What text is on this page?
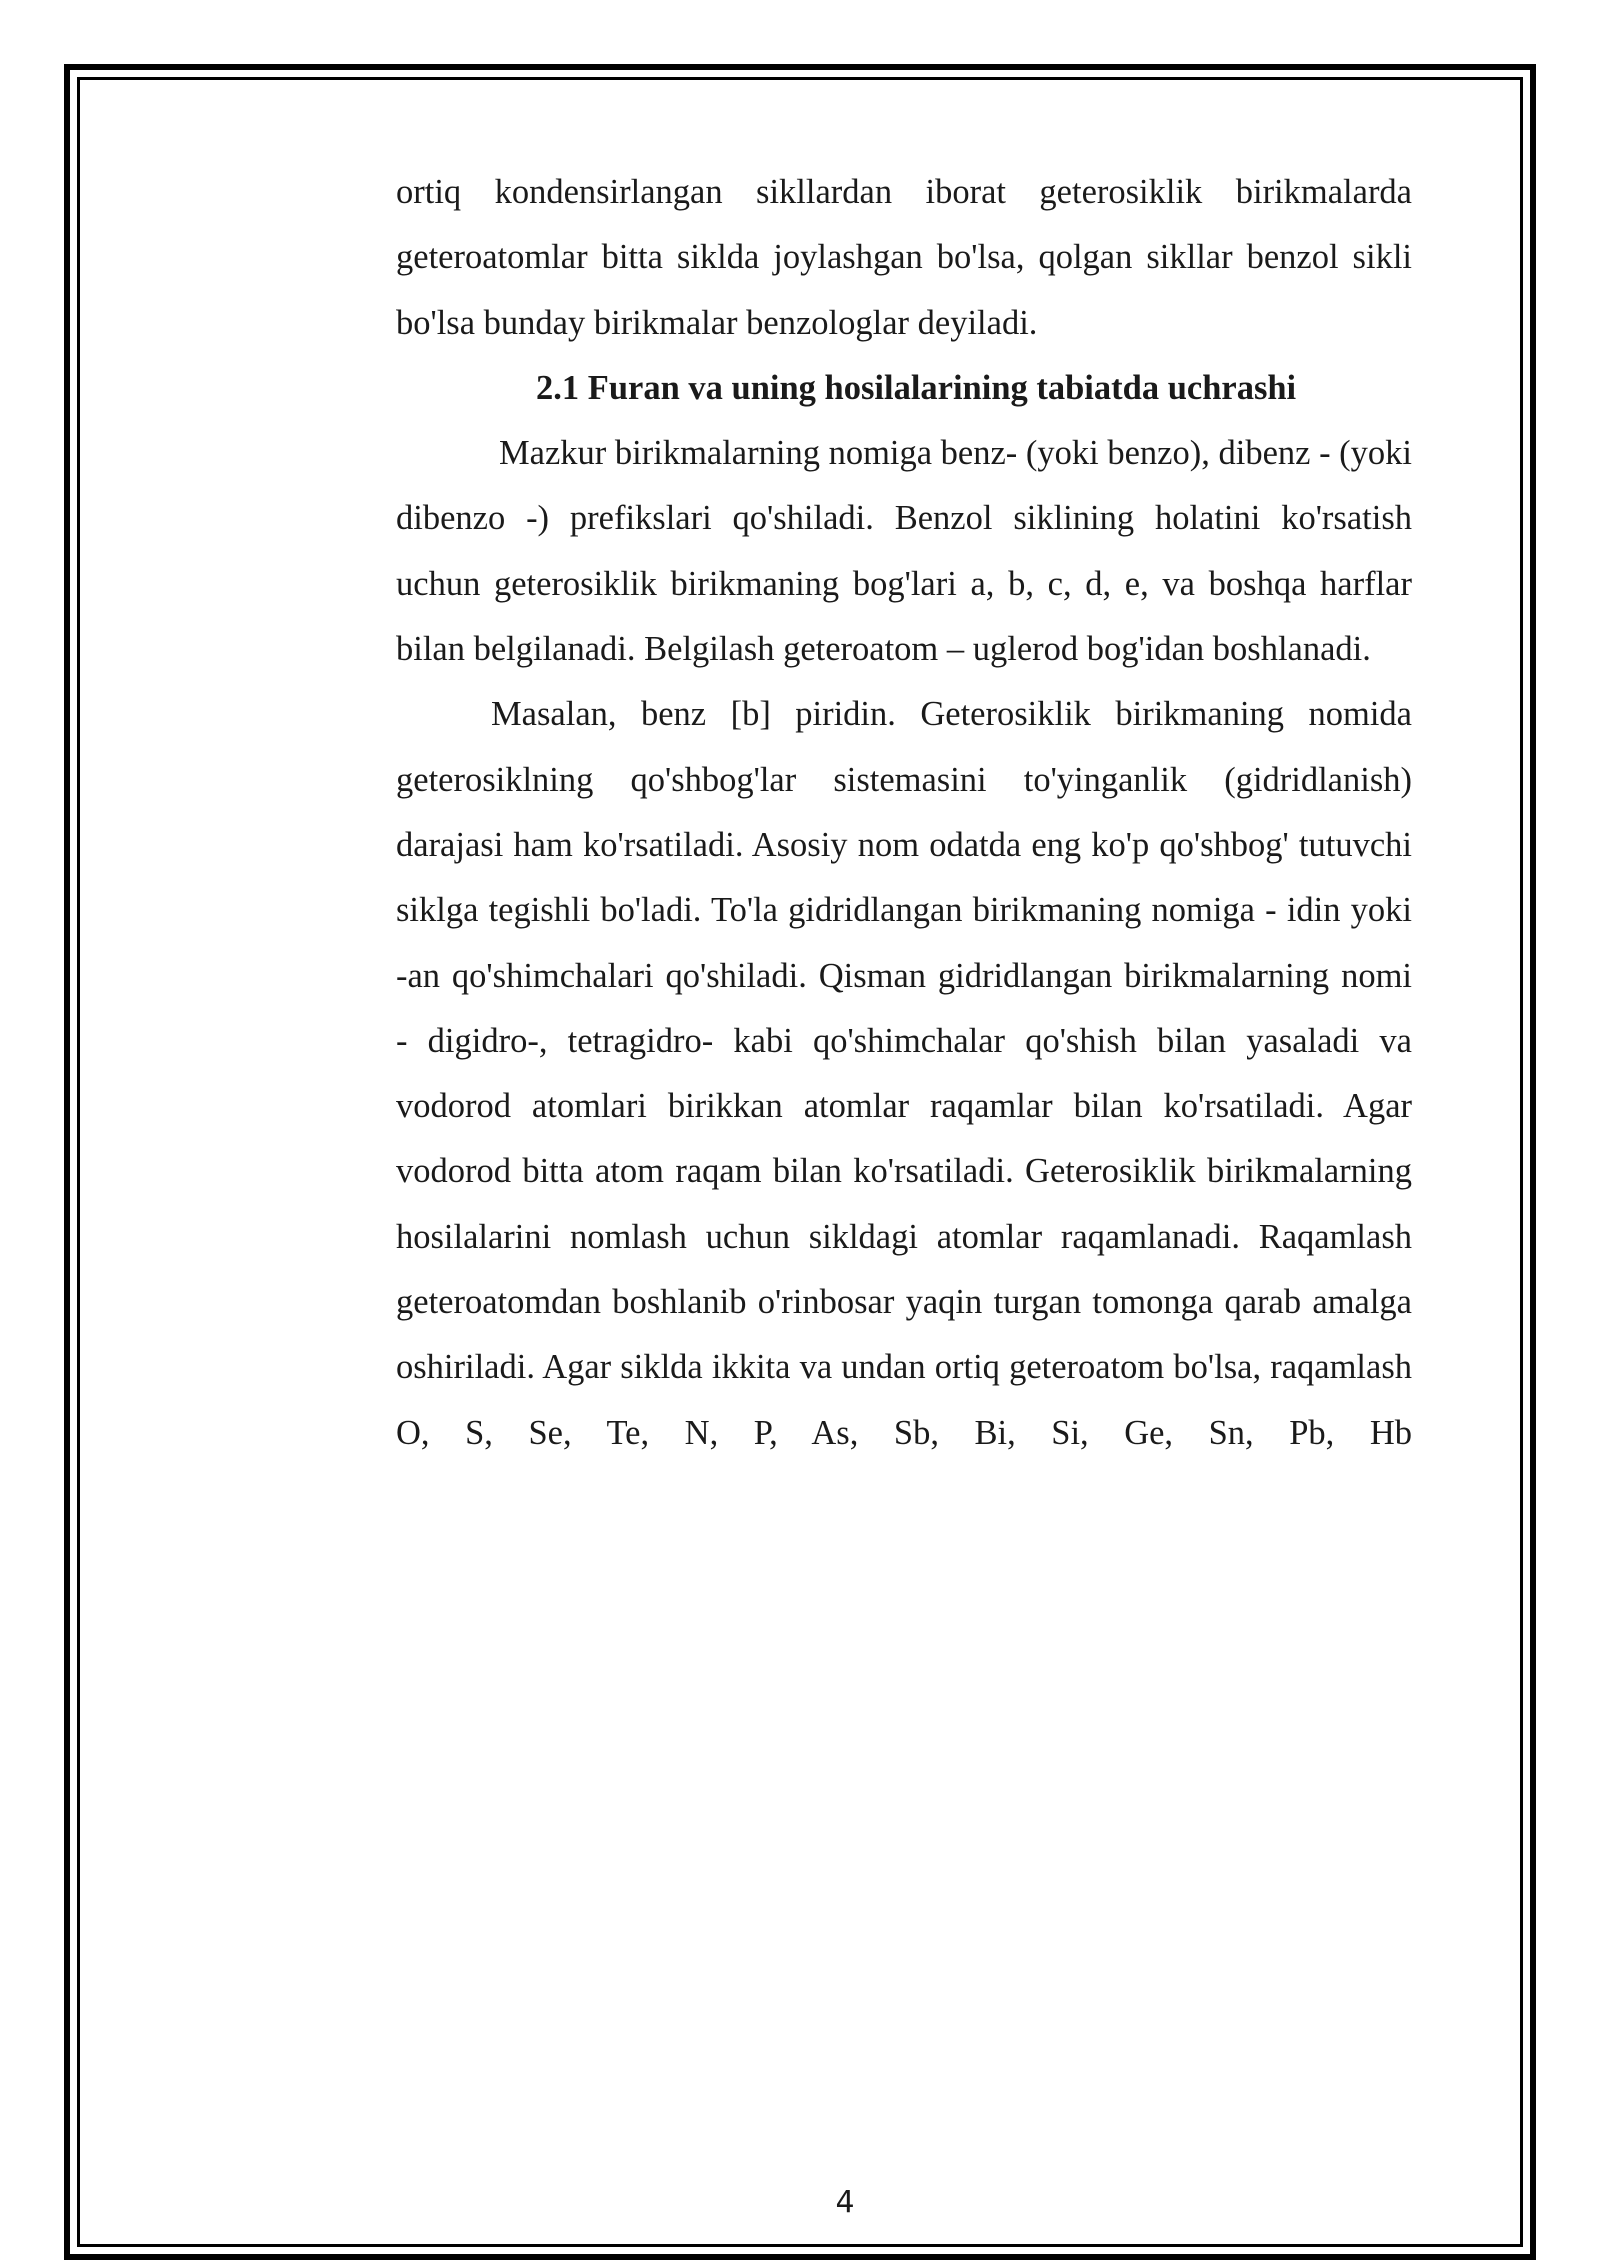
ortiq kondensirlangan sikllardan iborat geterosiklik birikmalarda geteroatomlar bitta siklda joylashgan bo'lsa, qolgan sikllar benzol sikli bo'lsa bunday birikmalar benzologlar deyiladi.

2.1 Furan va uning hosilalarining tabiatda uchrashi

Mazkur birikmalarning nomiga benz- (yoki benzo), dibenz - (yoki dibenzo -) prefikslari qo'shiladi. Benzol siklining holatini ko'rsatish uchun geterosiklik birikmaning bog'lari a, b, c, d, e, va boshqa harflar bilan belgilanadi. Belgilash geteroatom – uglerod bog'idan boshlanadi.

Masalan, benz [b] piridin. Geterosiklik birikmaning nomida geterosiklning qo'shbog'lar sistemasini to'yinganlik (gidridlanish) darajasi ham ko'rsatiladi. Asosiy nom odatda eng ko'p qo'shbog' tutuvchi siklga tegishli bo'ladi. To'la gidridlangan birikmaning nomiga - idin yoki -an qo'shimchalari qo'shiladi. Qisman gidridlangan birikmalarning nomi - digidro-, tetragidro- kabi qo'shimchalar qo'shish bilan yasaladi va vodorod atomlari birikkan atomlar raqamlar bilan ko'rsatiladi. Agar vodorod bitta atom raqam bilan ko'rsatiladi. Geterosiklik birikmalarning hosilalarini nomlash uchun sikldagi atomlar raqamlanadi. Raqamlash geteroatomdan boshlanib o'rinbosar yaqin turgan tomonga qarab amalga oshiriladi. Agar siklda ikkita va undan ortiq geteroatom bo'lsa, raqamlash O, S, Se, Te, N, P, As, Sb, Bi, Si, Ge, Sn, Pb, Hb

4
